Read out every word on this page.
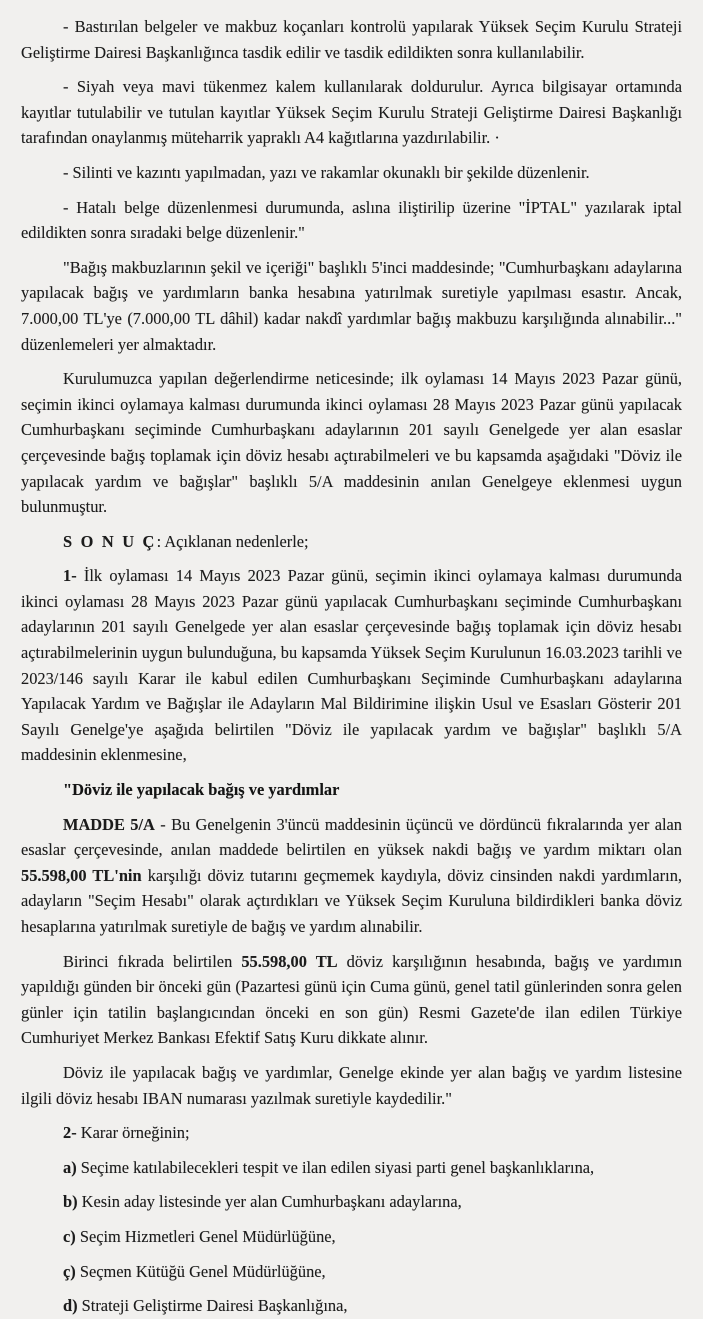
- Bastırılan belgeler ve makbuz koçanları kontrolü yapılarak Yüksek Seçim Kurulu Strateji Geliştirme Dairesi Başkanlığınca tasdik edilir ve tasdik edildikten sonra kullanılabilir.

- Siyah veya mavi tükenmez kalem kullanılarak doldurulur. Ayrıca bilgisayar ortamında kayıtlar tutulabilir ve tutulan kayıtlar Yüksek Seçim Kurulu Strateji Geliştirme Dairesi Başkanlığı tarafından onaylanmış müteharrik yapraklı A4 kağıtlarına yazdırılabilir. ·

- Silinti ve kazıntı yapılmadan, yazı ve rakamlar okunaklı bir şekilde düzenlenir.

- Hatalı belge düzenlenmesi durumunda, aslına iliştirilip üzerine "İPTAL" yazılarak iptal edildikten sonra sıradaki belge düzenlenir."

"Bağış makbuzlarının şekil ve içeriği" başlıklı 5'inci maddesinde; "Cumhurbaşkanı adaylarına yapılacak bağış ve yardımların banka hesabına yatırılmak suretiyle yapılması esastır. Ancak, 7.000,00 TL'ye (7.000,00 TL dâhil) kadar nakdî yardımlar bağış makbuzu karşılığında alınabilir..." düzenlemeleri yer almaktadır.

Kurulumuzca yapılan değerlendirme neticesinde; ilk oylaması 14 Mayıs 2023 Pazar günü, seçimin ikinci oylamaya kalması durumunda ikinci oylaması 28 Mayıs 2023 Pazar günü yapılacak Cumhurbaşkanı seçiminde Cumhurbaşkanı adaylarının 201 sayılı Genelgede yer alan esaslar çerçevesinde bağış toplamak için döviz hesabı açtırabilmeleri ve bu kapsamda aşağıdaki "Döviz ile yapılacak yardım ve bağışlar" başlıklı 5/A maddesinin anılan Genelgeye eklenmesi uygun bulunmuştur.

S O N U Ç: Açıklanan nedenlerle;

1- İlk oylaması 14 Mayıs 2023 Pazar günü, seçimin ikinci oylamaya kalması durumunda ikinci oylaması 28 Mayıs 2023 Pazar günü yapılacak Cumhurbaşkanı seçiminde Cumhurbaşkanı adaylarının 201 sayılı Genelgede yer alan esaslar çerçevesinde bağış toplamak için döviz hesabı açtırabilmelerinin uygun bulunduğuna, bu kapsamda Yüksek Seçim Kurulunun 16.03.2023 tarihli ve 2023/146 sayılı Karar ile kabul edilen Cumhurbaşkanı Seçiminde Cumhurbaşkanı adaylarına Yapılacak Yardım ve Bağışlar ile Adayların Mal Bildirimine ilişkin Usul ve Esasları Gösterir 201 Sayılı Genelge'ye aşağıda belirtilen "Döviz ile yapılacak yardım ve bağışlar" başlıklı 5/A maddesinin eklenmesine,

"Döviz ile yapılacak bağış ve yardımlar

MADDE 5/A - Bu Genelgenin 3'üncü maddesinin üçüncü ve dördüncü fıkralarında yer alan esaslar çerçevesinde, anılan maddede belirtilen en yüksek nakdi bağış ve yardım miktarı olan 55.598,00 TL'nin karşılığı döviz tutarını geçmemek kaydıyla, döviz cinsinden nakdi yardımların, adayların "Seçim Hesabı" olarak açtırdıkları ve Yüksek Seçim Kuruluna bildirdikleri banka döviz hesaplarına yatırılmak suretiyle de bağış ve yardım alınabilir.

Birinci fıkrada belirtilen 55.598,00 TL döviz karşılığının hesabında, bağış ve yardımın yapıldığı günden bir önceki gün (Pazartesi günü için Cuma günü, genel tatil günlerinden sonra gelen günler için tatilin başlangıcından önceki en son gün) Resmi Gazete'de ilan edilen Türkiye Cumhuriyet Merkez Bankası Efektif Satış Kuru dikkate alınır.

Döviz ile yapılacak bağış ve yardımlar, Genelge ekinde yer alan bağış ve yardım listesine ilgili döviz hesabı IBAN numarası yazılmak suretiyle kaydedilir."

2- Karar örneğinin;

a) Seçime katılabilecekleri tespit ve ilan edilen siyasi parti genel başkanlıklarına,

b) Kesin aday listesinde yer alan Cumhurbaşkanı adaylarına,

c) Seçim Hizmetleri Genel Müdürlüğüne,

ç) Seçmen Kütüğü Genel Müdürlüğüne,

d) Strateji Geliştirme Dairesi Başkanlığına,
